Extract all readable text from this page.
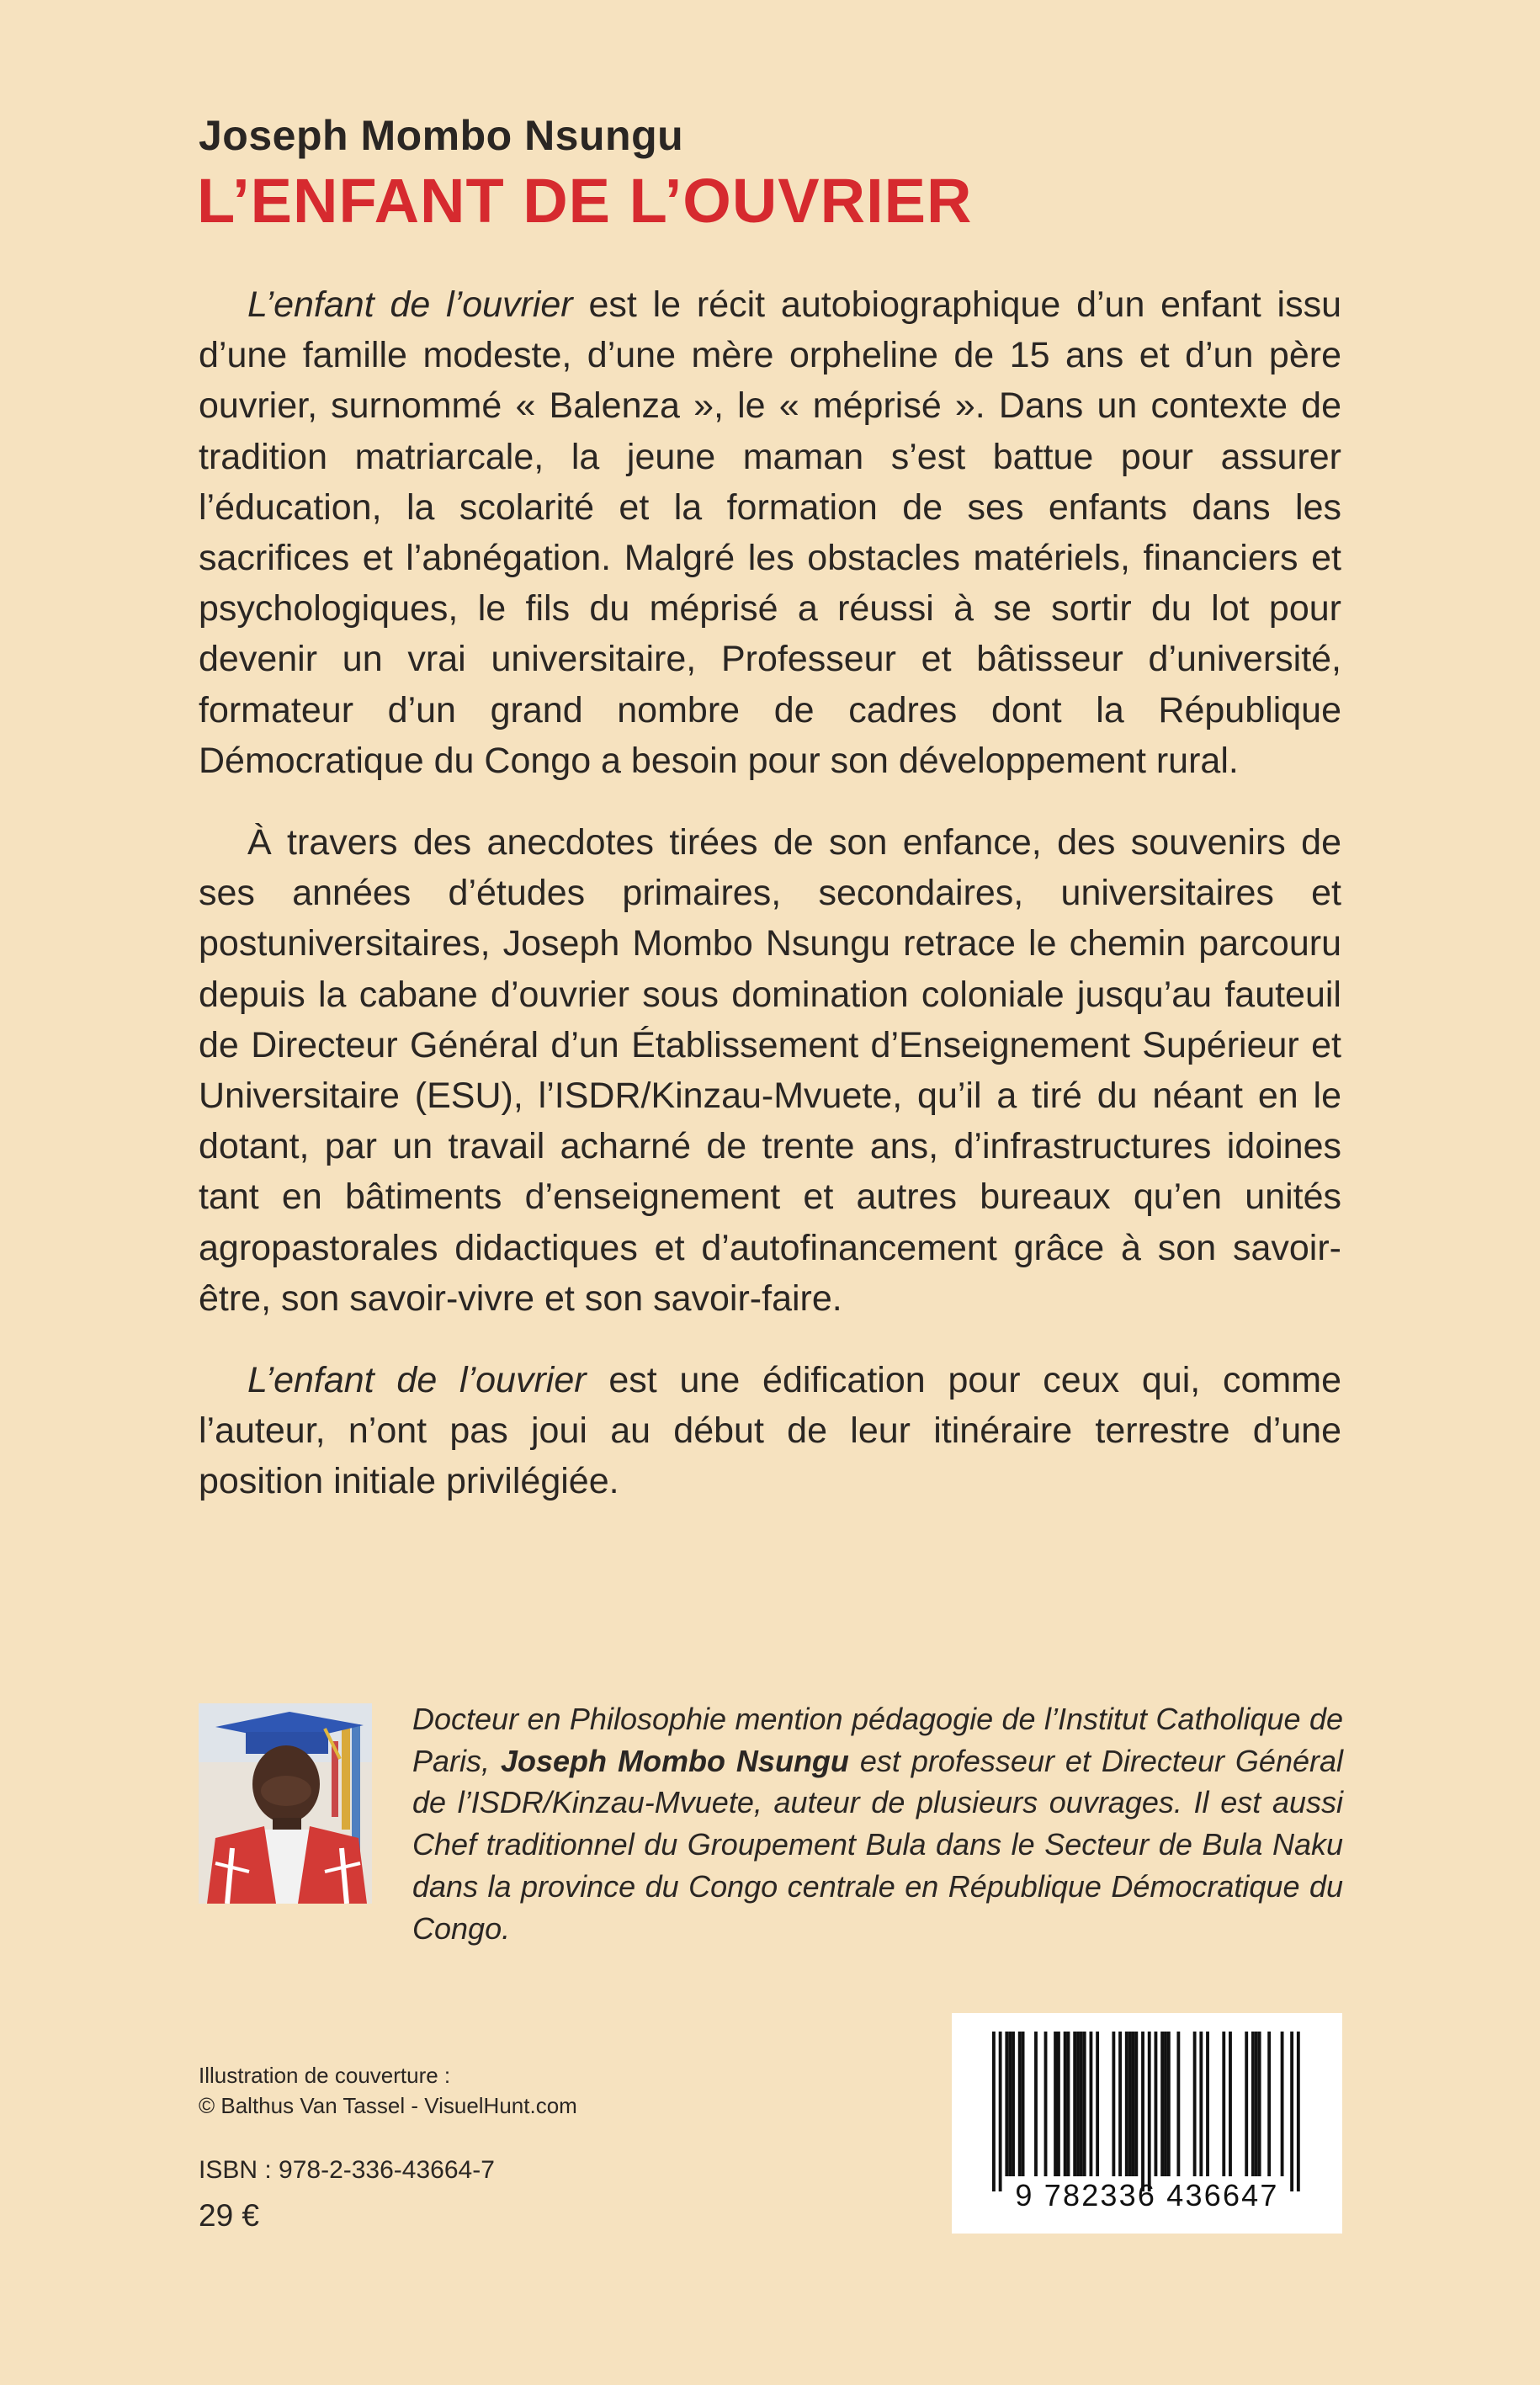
Joseph Mombo Nsungu
L’ENFANT DE L’OUVRIER

L’enfant de l’ouvrier est le récit autobiographique d’un enfant issu d’une famille modeste, d’une mère orpheline de 15 ans et d’un père ouvrier, surnommé « Balenza », le « méprisé ». Dans un contexte de tradition matriarcale, la jeune maman s’est battue pour assurer l’éducation, la scolarité et la formation de ses enfants dans les sacrifices et l’abnégation. Malgré les obstacles matériels, financiers et psychologiques, le fils du méprisé a réussi à se sortir du lot pour devenir un vrai universitaire, Professeur et bâtisseur d’université, formateur d’un grand nombre de cadres dont la République Démocratique du Congo a besoin pour son développement rural.

À travers des anecdotes tirées de son enfance, des souvenirs de ses années d’études primaires, secondaires, universitaires et postuniversitaires, Joseph Mombo Nsungu retrace le chemin parcouru depuis la cabane d’ouvrier sous domination coloniale jusqu’au fauteuil de Directeur Général d’un Établissement d’Enseignement Supérieur et Universitaire (ESU), l’ISDR/Kinzau-Mvuete, qu’il a tiré du néant en le dotant, par un travail acharné de trente ans, d’infrastructures idoines tant en bâtiments d’enseignement et autres bureaux qu’en unités agropastorales didactiques et d’autofinancement grâce à son savoir-être, son savoir-vivre et son savoir-faire.

L’enfant de l’ouvrier est une édification pour ceux qui, comme l’auteur, n’ont pas joui au début de leur itinéraire terrestre d’une position initiale privilégiée.

Docteur en Philosophie mention pédagogie de l’Institut Catholique de Paris, Joseph Mombo Nsungu est professeur et Directeur Général de l’ISDR/Kinzau-Mvuete, auteur de plusieurs ouvrages. Il est aussi Chef traditionnel du Groupement Bula dans le Secteur de Bula Naku dans la province du Congo centrale en République Démocratique du Congo.

Illustration de couverture :
© Balthus Van Tassel - VisuelHunt.com
ISBN : 978-2-336-43664-7
29 €
9 782336 436647
